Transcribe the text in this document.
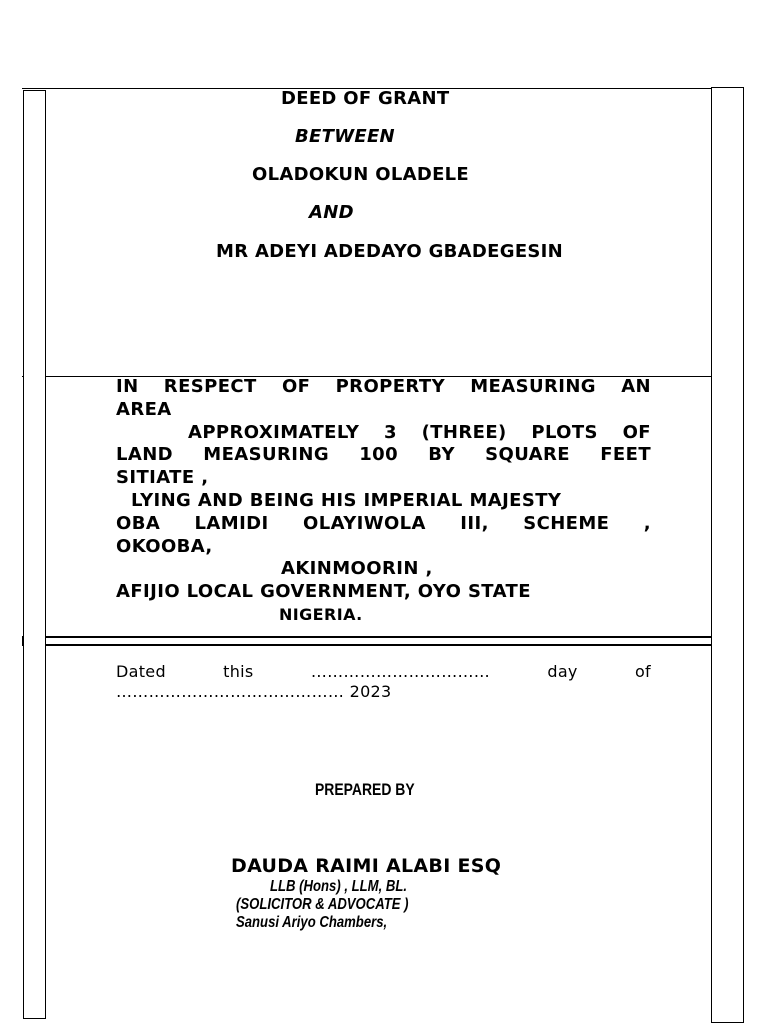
DEED OF GRANT
BETWEEN
OLADOKUN OLADELE
AND
MR ADEYI ADEDAYO GBADEGESIN
IN RESPECT OF PROPERTY MEASURING AN
AREA
APPROXIMATELY 3 (THREE) PLOTS OF
LAND MEASURING 100 BY SQUARE FEET
SITIATE ,
LYING AND BEING HIS IMPERIAL MAJESTY
OBA LAMIDI OLAYIWOLA III, SCHEME ,
OKOOBA,
AKINMOORIN ,
AFIJIO LOCAL GOVERNMENT, OYO STATE
NIGERIA.
Dated	this	……………………………	day	of
…………………………………… 2023
PREPARED BY
DAUDA RAIMI ALABI ESQ
LLB (Hons) , LLM, BL.
(SOLICITOR & ADVOCATE )
Sanusi Ariyo Chambers,
